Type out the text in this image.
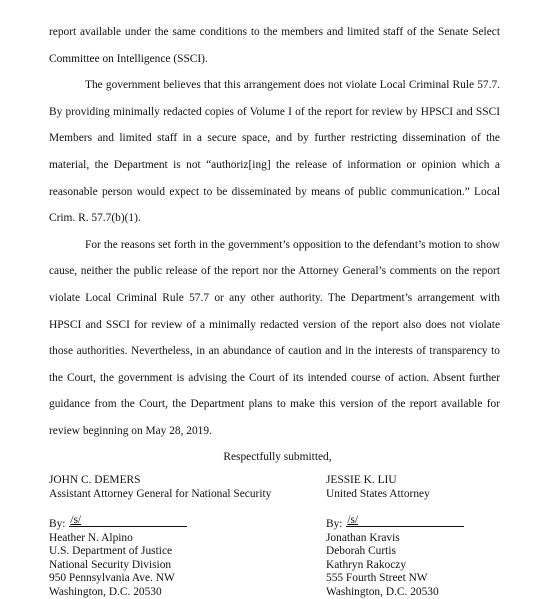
report available under the same conditions to the members and limited staff of the Senate Select Committee on Intelligence (SSCI).

The government believes that this arrangement does not violate Local Criminal Rule 57.7. By providing minimally redacted copies of Volume I of the report for review by HPSCI and SSCI Members and limited staff in a secure space, and by further restricting dissemination of the material, the Department is not “authoriz[ing] the release of information or opinion which a reasonable person would expect to be disseminated by means of public communication.” Local Crim. R. 57.7(b)(1).

For the reasons set forth in the government’s opposition to the defendant’s motion to show cause, neither the public release of the report nor the Attorney General’s comments on the report violate Local Criminal Rule 57.7 or any other authority. The Department’s arrangement with HPSCI and SSCI for review of a minimally redacted version of the report also does not violate those authorities. Nevertheless, in an abundance of caution and in the interests of transparency to the Court, the government is advising the Court of its intended course of action. Absent further guidance from the Court, the Department plans to make this version of the report available for review beginning on May 28, 2019.

Respectfully submitted,
JOHN C. DEMERS
Assistant Attorney General for National Security
By: /s/
Heather N. Alpino
U.S. Department of Justice
National Security Division
950 Pennsylvania Ave. NW
Washington, D.C. 20530
JESSIE K. LIU
United States Attorney
By: /s/
Jonathan Kravis
Deborah Curtis
Kathryn Rakoczy
555 Fourth Street NW
Washington, D.C. 20530
